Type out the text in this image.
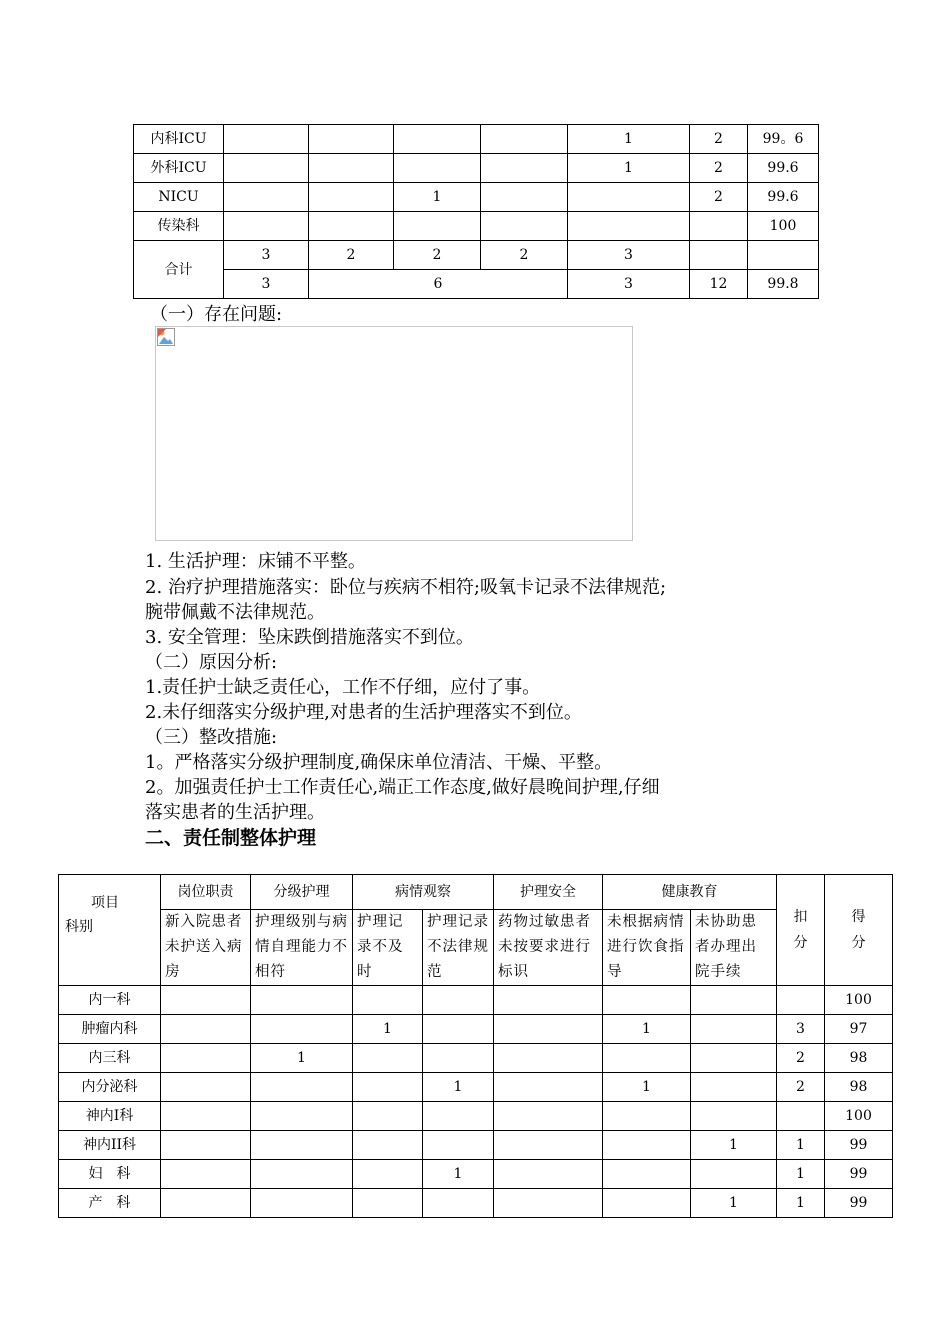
内科ICU					1	2	99。6
外科ICU					1	2	99.6
NICU			1			2	99.6
传染科							100
合计	3	2	2	2	3		
	3	6			3	12	99.8

（一）存在问题:

1. 生活护理：床铺不平整。

2. 治疗护理措施落实：卧位与疾病不相符;吸氧卡记录不法律规范;

腕带佩戴不法律规范。

3. 安全管理：坠床跌倒措施落实不到位。

（二）原因分析:

1.责任护士缺乏责任心，工作不仔细，应付了事。

2.未仔细落实分级护理,对患者的生活护理落实不到位。

（三）整改措施:

1。严格落实分级护理制度,确保床单位清洁、干燥、平整。

2。加强责任护士工作责任心,端正工作态度,做好晨晚间护理,仔细

落实患者的生活护理。

二、责任制整体护理

项目
科别	岗位职责	分级护理	病情观察		护理安全	健康教育		扣分	得分

	新入院患者未护送入病房	护理级别与病情自理能力不相符	护理记录不及时	护理记录不法律规范	药物过敏患者未按要求进行标识	未根据病情进行饮食指导	未协助患者办理出院手续		
内一科									100
肿瘤内科			1			1		3	97
内三科		1						2	98
内分泌科				1		1		2	98
神内I科									100
神内II科							1	1	99
妇　科				1				1	99
产　科							1	1	99
